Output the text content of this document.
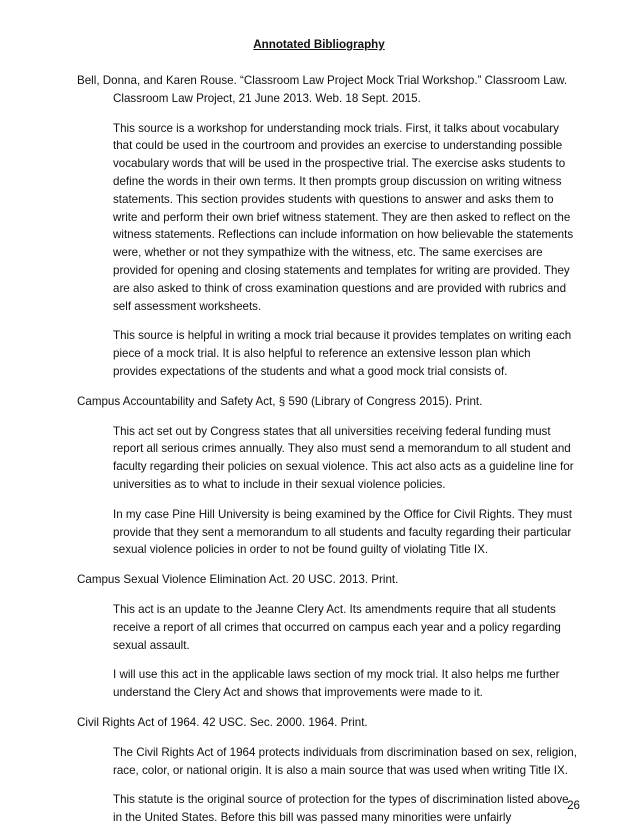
Annotated Bibliography

Bell, Donna, and Karen Rouse. “Classroom Law Project Mock Trial Workshop.” Classroom Law. Classroom Law Project, 21 June 2013. Web. 18 Sept. 2015.

This source is a workshop for understanding mock trials. First, it talks about vocabulary that could be used in the courtroom and provides an exercise to understanding possible vocabulary words that will be used in the prospective trial. The exercise asks students to define the words in their own terms. It then prompts group discussion on writing witness statements. This section provides students with questions to answer and asks them to write and perform their own brief witness statement. They are then asked to reflect on the witness statements. Reflections can include information on how believable the statements were, whether or not they sympathize with the witness, etc. The same exercises are provided for opening and closing statements and templates for writing are provided. They are also asked to think of cross examination questions and are provided with rubrics and self assessment worksheets.

This source is helpful in writing a mock trial because it provides templates on writing each piece of a mock trial. It is also helpful to reference an extensive lesson plan which provides expectations of the students and what a good mock trial consists of.

Campus Accountability and Safety Act, § 590 (Library of Congress 2015). Print.

This act set out by Congress states that all universities receiving federal funding must report all serious crimes annually. They also must send a memorandum to all student and faculty regarding their policies on sexual violence. This act also acts as a guideline line for universities as to what to include in their sexual violence policies.

In my case Pine Hill University is being examined by the Office for Civil Rights. They must provide that they sent a memorandum to all students and faculty regarding their particular sexual violence policies in order to not be found guilty of violating Title IX.

Campus Sexual Violence Elimination Act. 20 USC. 2013. Print.

This act is an update to the Jeanne Clery Act. Its amendments require that all students receive a report of all crimes that occurred on campus each year and a policy regarding sexual assault.

I will use this act in the applicable laws section of my mock trial. It also helps me further understand the Clery Act and shows that improvements were made to it.

Civil Rights Act of 1964. 42 USC. Sec. 2000. 1964. Print.

The Civil Rights Act of 1964 protects individuals from discrimination based on sex, religion, race, color, or national origin. It is also a main source that was used when writing Title IX.

This statute is the original source of protection for the types of discrimination listed above in the United States. Before this bill was passed many minorities were unfairly

26
